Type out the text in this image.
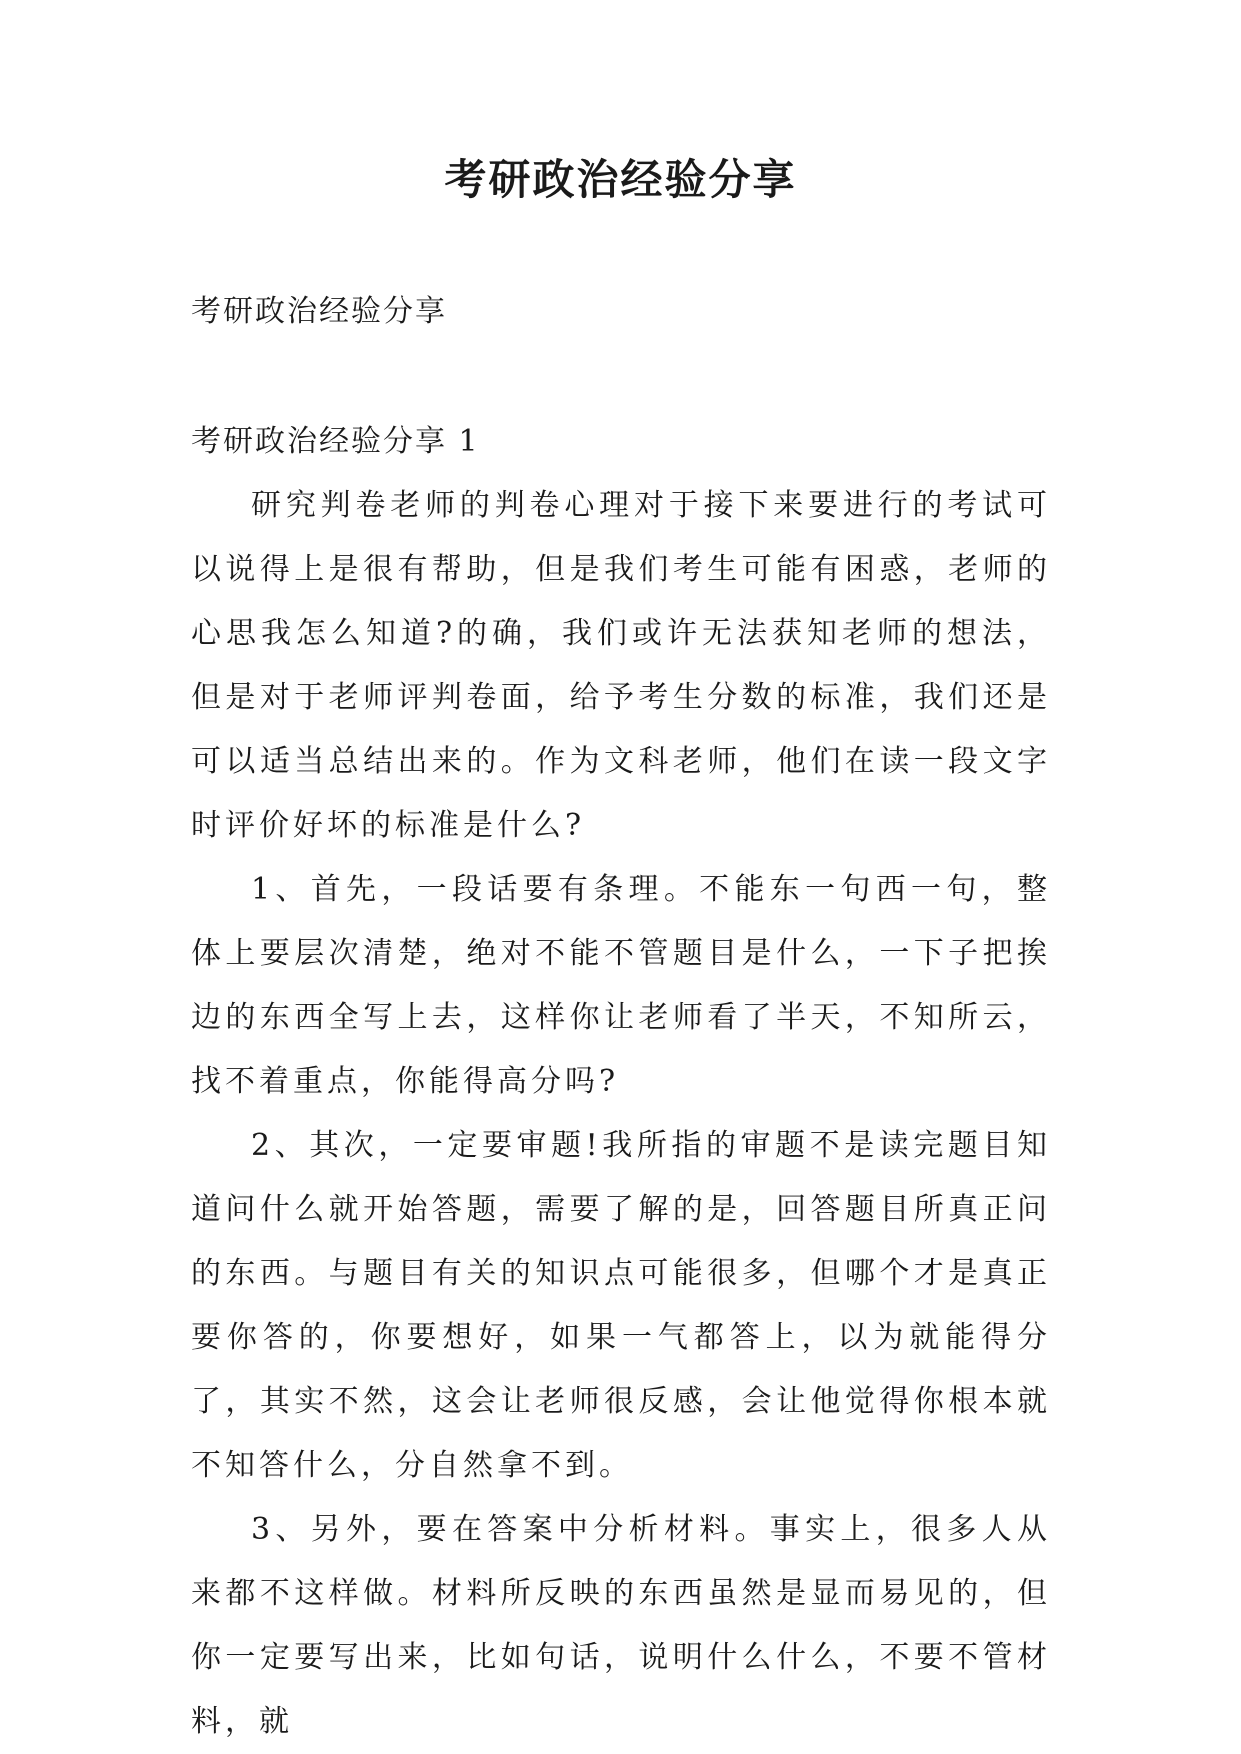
考研政治经验分享
考研政治经验分享

考研政治经验分享 1

研究判卷老师的判卷心理对于接下来要进行的考试可以说得上是很有帮助，但是我们考生可能有困惑，老师的心思我怎么知道?的确，我们或许无法获知老师的想法，但是对于老师评判卷面，给予考生分数的标准，我们还是可以适当总结出来的。作为文科老师，他们在读一段文字时评价好坏的标准是什么?

1、首先，一段话要有条理。不能东一句西一句，整体上要层次清楚，绝对不能不管题目是什么，一下子把挨边的东西全写上去，这样你让老师看了半天，不知所云，找不着重点，你能得高分吗?

2、其次，一定要审题!我所指的审题不是读完题目知道问什么就开始答题，需要了解的是，回答题目所真正问的东西。与题目有关的知识点可能很多，但哪个才是真正要你答的，你要想好，如果一气都答上，以为就能得分了，其实不然，这会让老师很反感，会让他觉得你根本就不知答什么，分自然拿不到。

3、另外，要在答案中分析材料。事实上，很多人从来都不这样做。材料所反映的东西虽然是显而易见的，但你一定要写出来，比如句话，说明什么什么，不要不管材料，就
